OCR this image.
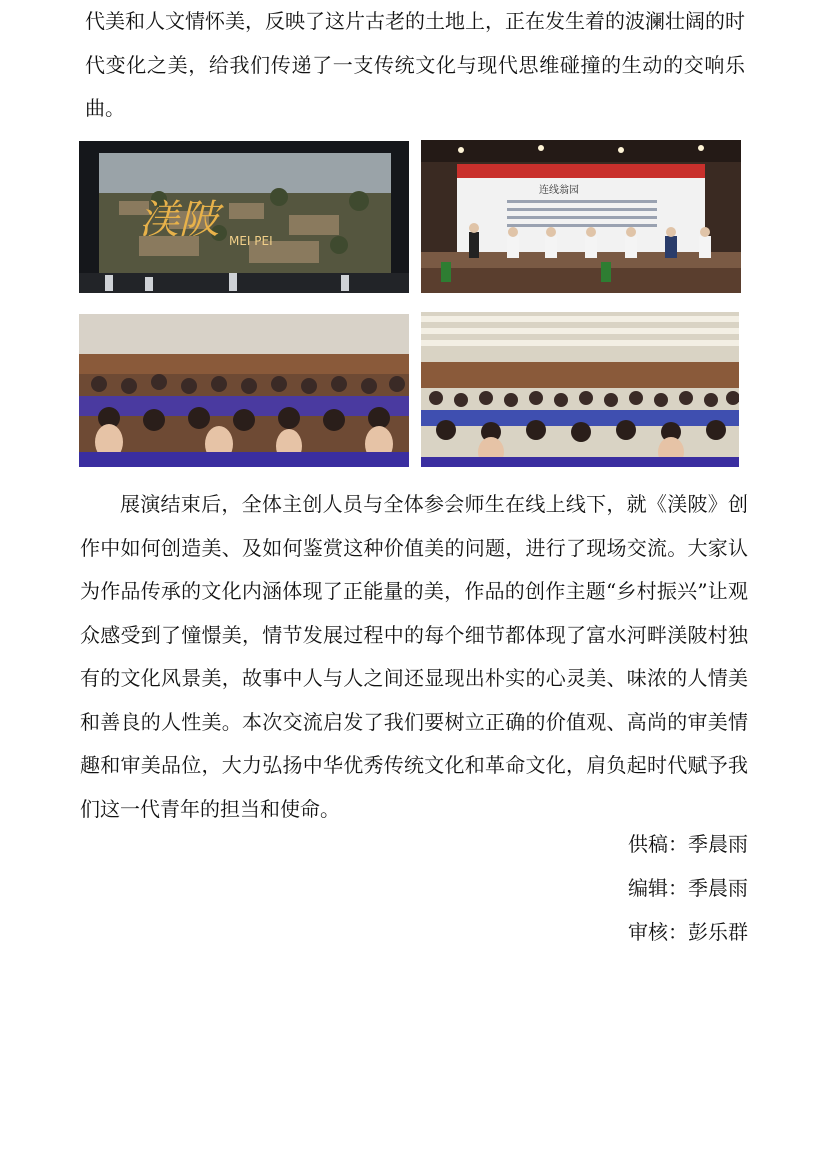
代美和人文情怀美，反映了这片古老的土地上，正在发生着的波澜壮阔的时代变化之美，给我们传递了一支传统文化与现代思维碰撞的生动的交响乐曲。

渼陂 MEI PEI
连线翁园

展演结束后，全体主创人员与全体参会师生在线上线下，就《渼陂》创作中如何创造美、及如何鉴赏这种价值美的问题，进行了现场交流。大家认为作品传承的文化内涵体现了正能量的美，作品的创作主题“乡村振兴”让观众感受到了憧憬美，情节发展过程中的每个细节都体现了富水河畔渼陂村独有的文化风景美，故事中人与人之间还显现出朴实的心灵美、味浓的人情美和善良的人性美。本次交流启发了我们要树立正确的价值观、高尚的审美情趣和审美品位，大力弘扬中华优秀传统文化和革命文化，肩负起时代赋予我们这一代青年的担当和使命。

供稿：季晨雨
编辑：季晨雨
审核：彭乐群
